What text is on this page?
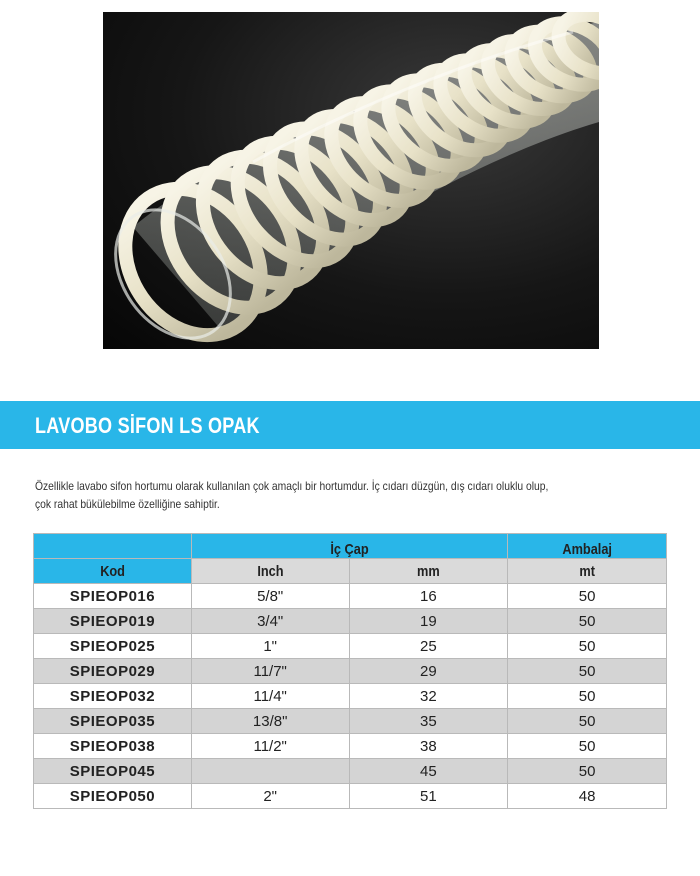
LAVOBO SİFON LS OPAK

Özellikle lavabo sifon hortumu olarak kullanılan çok amaçlı bir hortumdur. İç cıdarı düzgün, dış cıdarı oluklu olup,

çok rahat bükülebilme özelliğine sahiptir.

	İç Çap		Ambalaj
Kod	Inch	mm	mt
SPIEOP016	5/8"	16	50
SPIEOP019	3/4"	19	50
SPIEOP025	1"	25	50
SPIEOP029	11/7"	29	50
SPIEOP032	11/4"	32	50
SPIEOP035	13/8"	35	50
SPIEOP038	11/2"	38	50
SPIEOP045		45	50
SPIEOP050	2"	51	48
